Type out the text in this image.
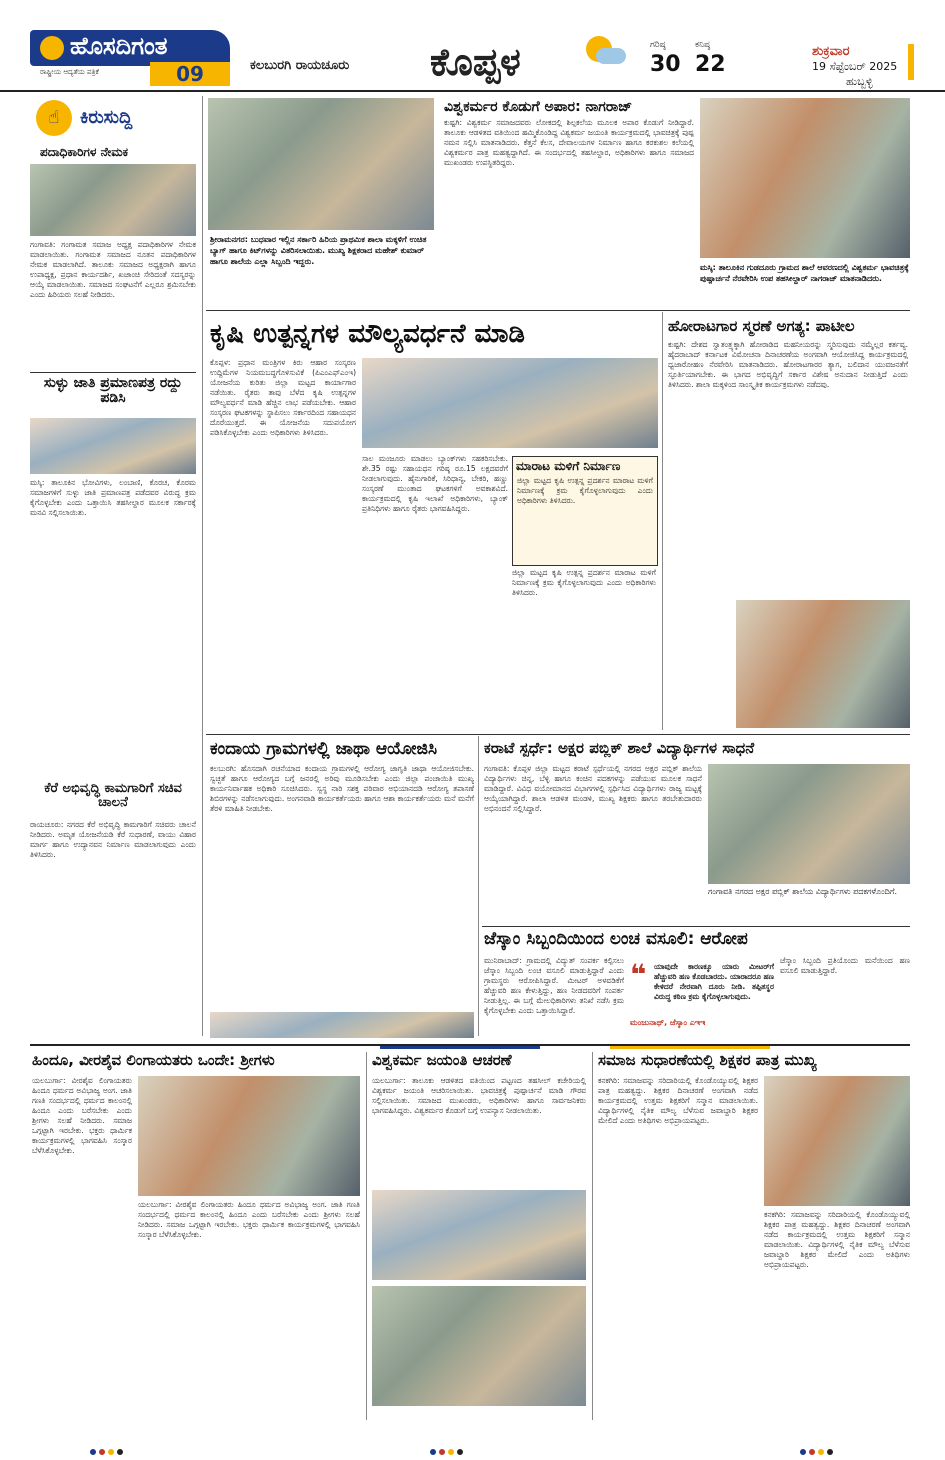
ಹೊಸದಿಗಂತ
ರಾಷ್ಟ್ರೀಯ ಆದ್ಯತೆಯ ಪತ್ರಿಕೆ	09	ಕಲಬುರಗಿ ರಾಯಚೂರು ಕೊಪ್ಪಳ	ಗರಿಷ್ಠ
30
ಕನಿಷ್ಠ
22
ಶುಕ್ರವಾರ
19 ಸೆಪ್ಟೆಂಬರ್ 2025
ಹುಬ್ಬಳ್ಳಿ
☝	ಕಿರುಸುದ್ದಿ
ಪದಾಧಿಕಾರಿಗಳ ನೇಮಕ
ಗಂಗಾವತಿ: ಗಂಗಾಮತ ಸಮಾಜ ಅಧ್ಯಕ್ಷ ಪದಾಧಿಕಾರಿಗಳ ನೇಮಕ ಮಾಡಲಾಯಿತು. ಗಂಗಾಮತ ಸಮಾಜದ ನೂತನ ಪದಾಧಿಕಾರಿಗಳ ನೇಮಕ ಮಾಡಲಾಗಿದೆ. ತಾಲೂಕು ಸಮಾಜದ ಅಧ್ಯಕ್ಷರಾಗಿ ಹಾಗೂ ಉಪಾಧ್ಯಕ್ಷ, ಪ್ರಧಾನ ಕಾರ್ಯದರ್ಶಿ, ಖಜಾಂಚಿ ಸೇರಿದಂತೆ ಸದಸ್ಯರನ್ನು ಆಯ್ಕೆ ಮಾಡಲಾಯಿತು. ಸಮಾಜದ ಸಂಘಟನೆಗೆ ಎಲ್ಲರೂ ಶ್ರಮಿಸಬೇಕು ಎಂದು ಹಿರಿಯರು ಸಲಹೆ ನೀಡಿದರು.
ಸುಳ್ಳು ಜಾತಿ ಪ್ರಮಾಣಪತ್ರ ರದ್ದು ಪಡಿಸಿ
ಮಸ್ಕಿ: ತಾಲೂಕಿನ ಭೋವಿಗಳು, ಲಂಬಾಣಿ, ಕೊರಚ, ಕೊರಮ ಸಮಾಜಗಳಿಗೆ ಸುಳ್ಳು ಜಾತಿ ಪ್ರಮಾಣಪತ್ರ ಪಡೆದವರ ವಿರುದ್ಧ ಕ್ರಮ ಕೈಗೊಳ್ಳಬೇಕು ಎಂದು ಒತ್ತಾಯಿಸಿ ತಹಸೀಲ್ದಾರ ಮೂಲಕ ಸರ್ಕಾರಕ್ಕೆ ಮನವಿ ಸಲ್ಲಿಸಲಾಯಿತು.
ಕೆರೆ ಅಭಿವೃದ್ಧಿ ಕಾಮಗಾರಿಗೆ ಸಚಿವ ಚಾಲನೆ
ರಾಯಚೂರು: ನಗರದ ಕೆರೆ ಅಭಿವೃದ್ಧಿ ಕಾಮಗಾರಿಗೆ ಸಚಿವರು ಚಾಲನೆ ನೀಡಿದರು. ಅಮೃತ ಯೋಜನೆಯಡಿ ಕೆರೆ ಸುಧಾರಣೆ, ವಾಯು ವಿಹಾರ ಮಾರ್ಗ ಹಾಗೂ ಉದ್ಯಾನವನ ನಿರ್ಮಾಣ ಮಾಡಲಾಗುವುದು ಎಂದು ತಿಳಿಸಿದರು.
ಶ್ರೀರಾಮನಗರ: ಬುಧವಾರ ಇಲ್ಲಿನ ಸರ್ಕಾರಿ ಹಿರಿಯ ಪ್ರಾಥಮಿಕ ಶಾಲಾ ಮಕ್ಕಳಿಗೆ ಉಚಿತ ಬ್ಯಾಗ್ ಹಾಗೂ ಕಿಟ್‌ಗಳನ್ನು ವಿತರಿಸಲಾಯಿತು. ಮುಖ್ಯ ಶಿಕ್ಷಕರಾದ ಮಹೇಶ್ ಕುಮಾರ್ ಹಾಗೂ ಶಾಲೆಯ ಎಲ್ಲಾ ಸಿಬ್ಬಂದಿ ಇದ್ದರು.
ವಿಶ್ವಕರ್ಮರ ಕೊಡುಗೆ ಅಪಾರ: ನಾಗರಾಜ್
ಕುಷ್ಟಗಿ: ವಿಶ್ವಕರ್ಮ ಸಮಾಜದವರು ಲೋಕದಲ್ಲಿ ಶಿಲ್ಪಕಲೆಯ ಮೂಲಕ ಅಪಾರ ಕೊಡುಗೆ ನೀಡಿದ್ದಾರೆ. ತಾಲೂಕು ಆಡಳಿತದ ವತಿಯಿಂದ ಹಮ್ಮಿಕೊಂಡಿದ್ದ ವಿಶ್ವಕರ್ಮ ಜಯಂತಿ ಕಾರ್ಯಕ್ರಮದಲ್ಲಿ ಭಾವಚಿತ್ರಕ್ಕೆ ಪುಷ್ಪ ನಮನ ಸಲ್ಲಿಸಿ ಮಾತನಾಡಿದರು. ಕೆತ್ತನೆ ಕೆಲಸ, ದೇವಾಲಯಗಳ ನಿರ್ಮಾಣ ಹಾಗೂ ಕರಕುಶಲ ಕಲೆಯಲ್ಲಿ ವಿಶ್ವಕರ್ಮರ ಪಾತ್ರ ಮಹತ್ವದ್ದಾಗಿದೆ. ಈ ಸಂದರ್ಭದಲ್ಲಿ ತಹಸೀಲ್ದಾರ, ಅಧಿಕಾರಿಗಳು ಹಾಗೂ ಸಮಾಜದ ಮುಖಂಡರು ಉಪಸ್ಥಿತರಿದ್ದರು.
ಮಸ್ಕಿ: ತಾಲೂಕಿನ ಗುಡದೂರು ಗ್ರಾಮದ ಶಾಲೆ ಆವರಣದಲ್ಲಿ ವಿಶ್ವಕರ್ಮ ಭಾವಚಿತ್ರಕ್ಕೆ ಪುಷ್ಪಾರ್ಚನೆ ನೆರವೇರಿಸಿ ಉಪ ತಹಸೀಲ್ದಾರ್ ನಾಗರಾಜ್ ಮಾತನಾಡಿದರು.
ಕೃಷಿ ಉತ್ಪನ್ನಗಳ ಮೌಲ್ಯವರ್ಧನೆ ಮಾಡಿ
ಕೊಪ್ಪಳ: ಪ್ರಧಾನ ಮಂತ್ರಿಗಳ ಕಿರು ಆಹಾರ ಸಂಸ್ಕರಣ ಉದ್ದಿಮೆಗಳ ನಿಯಮಬದ್ಧಗೊಳಿಸುವಿಕೆ (ಪಿಎಂಎಫ್‌ಎಂಇ) ಯೋಜನೆಯ ಕುರಿತು ಜಿಲ್ಲಾ ಮಟ್ಟದ ಕಾರ್ಯಾಗಾರ ನಡೆಯಿತು. ರೈತರು ತಾವು ಬೆಳೆದ ಕೃಷಿ ಉತ್ಪನ್ನಗಳ ಮೌಲ್ಯವರ್ಧನೆ ಮಾಡಿ ಹೆಚ್ಚಿನ ಲಾಭ ಪಡೆಯಬೇಕು. ಆಹಾರ ಸಂಸ್ಕರಣ ಘಟಕಗಳನ್ನು ಸ್ಥಾಪಿಸಲು ಸರ್ಕಾರದಿಂದ ಸಹಾಯಧನ ದೊರೆಯುತ್ತದೆ. ಈ ಯೋಜನೆಯ ಸದುಪಯೋಗ ಪಡಿಸಿಕೊಳ್ಳಬೇಕು ಎಂದು ಅಧಿಕಾರಿಗಳು ತಿಳಿಸಿದರು.
ಸಾಲ ಮಂಜೂರು ಮಾಡಲು ಬ್ಯಾಂಕ್‌ಗಳು ಸಹಕರಿಸಬೇಕು. ಶೇ.35 ರಷ್ಟು ಸಹಾಯಧನ ಗರಿಷ್ಠ ರೂ.15 ಲಕ್ಷದವರೆಗೆ ನೀಡಲಾಗುವುದು. ಹೈನುಗಾರಿಕೆ, ಸಿರಿಧಾನ್ಯ, ಬೇಕರಿ, ಹಣ್ಣು ಸಂಸ್ಕರಣೆ ಮುಂತಾದ ಘಟಕಗಳಿಗೆ ಅವಕಾಶವಿದೆ. ಕಾರ್ಯಕ್ರಮದಲ್ಲಿ ಕೃಷಿ ಇಲಾಖೆ ಅಧಿಕಾರಿಗಳು, ಬ್ಯಾಂಕ್ ಪ್ರತಿನಿಧಿಗಳು ಹಾಗೂ ರೈತರು ಭಾಗವಹಿಸಿದ್ದರು.
ಮಾರಾಟ ಮಳಿಗೆ ನಿರ್ಮಾಣ
ಜಿಲ್ಲಾ ಮಟ್ಟದ ಕೃಷಿ ಉತ್ಪನ್ನ ಪ್ರದರ್ಶನ ಮಾರಾಟ ಮಳಿಗೆ ನಿರ್ಮಾಣಕ್ಕೆ ಕ್ರಮ ಕೈಗೊಳ್ಳಲಾಗುವುದು ಎಂದು ಅಧಿಕಾರಿಗಳು ತಿಳಿಸಿದರು.
ಜಿಲ್ಲಾ ಮಟ್ಟದ ಕೃಷಿ ಉತ್ಪನ್ನ ಪ್ರದರ್ಶನ ಮಾರಾಟ ಮಳಿಗೆ ನಿರ್ಮಾಣಕ್ಕೆ ಕ್ರಮ ಕೈಗೊಳ್ಳಲಾಗುವುದು ಎಂದು ಅಧಿಕಾರಿಗಳು ತಿಳಿಸಿದರು.
ಹೋರಾಟಗಾರ ಸ್ಮರಣೆ ಅಗತ್ಯ: ಪಾಟೀಲ
ಕುಷ್ಟಗಿ: ದೇಶದ ಸ್ವಾತಂತ್ರ್ಯಕ್ಕಾಗಿ ಹೋರಾಡಿದ ಮಹನೀಯರನ್ನು ಸ್ಮರಿಸುವುದು ನಮ್ಮೆಲ್ಲರ ಕರ್ತವ್ಯ. ಹೈದರಾಬಾದ್ ಕರ್ನಾಟಕ ವಿಮೋಚನಾ ದಿನಾಚರಣೆಯ ಅಂಗವಾಗಿ ಆಯೋಜಿಸಿದ್ದ ಕಾರ್ಯಕ್ರಮದಲ್ಲಿ ಧ್ವಜಾರೋಹಣ ನೆರವೇರಿಸಿ ಮಾತನಾಡಿದರು. ಹೋರಾಟಗಾರರ ತ್ಯಾಗ, ಬಲಿದಾನ ಯುವಜನತೆಗೆ ಸ್ಫೂರ್ತಿಯಾಗಬೇಕು. ಈ ಭಾಗದ ಅಭಿವೃದ್ಧಿಗೆ ಸರ್ಕಾರ ವಿಶೇಷ ಅನುದಾನ ನೀಡುತ್ತಿದೆ ಎಂದು ತಿಳಿಸಿದರು. ಶಾಲಾ ಮಕ್ಕಳಿಂದ ಸಾಂಸ್ಕೃತಿಕ ಕಾರ್ಯಕ್ರಮಗಳು ನಡೆದವು.
ಕಂದಾಯ ಗ್ರಾಮಗಳಲ್ಲಿ ಜಾಥಾ ಆಯೋಜಿಸಿ
ಕಲಬುರಗಿ: ಹೊಸದಾಗಿ ರಚನೆಯಾದ ಕಂದಾಯ ಗ್ರಾಮಗಳಲ್ಲಿ ಆರೋಗ್ಯ ಜಾಗೃತಿ ಜಾಥಾ ಆಯೋಜಿಸಬೇಕು. ಸ್ವಚ್ಛತೆ ಹಾಗೂ ಆರೋಗ್ಯದ ಬಗ್ಗೆ ಜನರಲ್ಲಿ ಅರಿವು ಮೂಡಿಸಬೇಕು ಎಂದು ಜಿಲ್ಲಾ ಪಂಚಾಯಿತಿ ಮುಖ್ಯ ಕಾರ್ಯನಿರ್ವಾಹಕ ಅಧಿಕಾರಿ ಸೂಚಿಸಿದರು. ಸ್ವಸ್ಥ ನಾರಿ ಸಶಕ್ತ ಪರಿವಾರ ಅಭಿಯಾನದಡಿ ಆರೋಗ್ಯ ತಪಾಸಣೆ ಶಿಬಿರಗಳನ್ನು ನಡೆಸಲಾಗುವುದು. ಅಂಗನವಾಡಿ ಕಾರ್ಯಕರ್ತೆಯರು ಹಾಗೂ ಆಶಾ ಕಾರ್ಯಕರ್ತೆಯರು ಮನೆ ಮನೆಗೆ ತೆರಳಿ ಮಾಹಿತಿ ನೀಡಬೇಕು.
ಕರಾಟೆ ಸ್ಪರ್ಧೆ: ಅಕ್ಷರ ಪಬ್ಲಿಕ್ ಶಾಲೆ ವಿದ್ಯಾರ್ಥಿಗಳ ಸಾಧನೆ
ಗಂಗಾವತಿ: ಕೊಪ್ಪಳ ಜಿಲ್ಲಾ ಮಟ್ಟದ ಕರಾಟೆ ಸ್ಪರ್ಧೆಯಲ್ಲಿ ನಗರದ ಅಕ್ಷರ ಪಬ್ಲಿಕ್ ಶಾಲೆಯ ವಿದ್ಯಾರ್ಥಿಗಳು ಚಿನ್ನ, ಬೆಳ್ಳಿ ಹಾಗೂ ಕಂಚಿನ ಪದಕಗಳನ್ನು ಪಡೆಯುವ ಮೂಲಕ ಸಾಧನೆ ಮಾಡಿದ್ದಾರೆ. ವಿವಿಧ ವಯೋಮಾನದ ವಿಭಾಗಗಳಲ್ಲಿ ಸ್ಪರ್ಧಿಸಿದ ವಿದ್ಯಾರ್ಥಿಗಳು ರಾಜ್ಯ ಮಟ್ಟಕ್ಕೆ ಆಯ್ಕೆಯಾಗಿದ್ದಾರೆ. ಶಾಲಾ ಆಡಳಿತ ಮಂಡಳಿ, ಮುಖ್ಯ ಶಿಕ್ಷಕರು ಹಾಗೂ ತರಬೇತುದಾರರು ಅಭಿನಂದನೆ ಸಲ್ಲಿಸಿದ್ದಾರೆ.
ಗಂಗಾವತಿ ನಗರದ ಅಕ್ಷರ ಪಬ್ಲಿಕ್ ಶಾಲೆಯ ವಿದ್ಯಾರ್ಥಿಗಳು ಪದಕಗಳೊಂದಿಗೆ.
ಜೆಸ್ಕಾಂ ಸಿಬ್ಬಂದಿಯಿಂದ ಲಂಚ ವಸೂಲಿ: ಆರೋಪ
ಮುನಿರಾಬಾದ್: ಗ್ರಾಮದಲ್ಲಿ ವಿದ್ಯುತ್ ಸಂಪರ್ಕ ಕಲ್ಪಿಸಲು ಜೆಸ್ಕಾಂ ಸಿಬ್ಬಂದಿ ಲಂಚ ವಸೂಲಿ ಮಾಡುತ್ತಿದ್ದಾರೆ ಎಂದು ಗ್ರಾಮಸ್ಥರು ಆರೋಪಿಸಿದ್ದಾರೆ. ಮೀಟರ್ ಅಳವಡಿಕೆಗೆ ಹೆಚ್ಚುವರಿ ಹಣ ಕೇಳುತ್ತಿದ್ದು, ಹಣ ನೀಡದವರಿಗೆ ಸಂಪರ್ಕ ನೀಡುತ್ತಿಲ್ಲ. ಈ ಬಗ್ಗೆ ಮೇಲಧಿಕಾರಿಗಳು ತನಿಖೆ ನಡೆಸಿ ಕ್ರಮ ಕೈಗೊಳ್ಳಬೇಕು ಎಂದು ಒತ್ತಾಯಿಸಿದ್ದಾರೆ.
❝ ಯಾವುದೇ ಕಾರಣಕ್ಕೂ ಯಾರು ಮೀಟರ್‌ಗೆ ಹೆಚ್ಚುವರಿ ಹಣ ಕೊಡಬಾರದು. ಯಾರಾದರೂ ಹಣ ಕೇಳಿದರೆ ನೇರವಾಗಿ ದೂರು ನೀಡಿ. ತಪ್ಪಿತಸ್ಥರ ವಿರುದ್ಧ ಕಠಿಣ ಕ್ರಮ ಕೈಗೊಳ್ಳಲಾಗುವುದು.
ಮಂಜುನಾಥ್, ಜೆಸ್ಕಾಂ ಎಇಇ
ಜೆಸ್ಕಾಂ ಸಿಬ್ಬಂದಿ ಪ್ರತಿಯೊಂದು ಮನೆಯಿಂದ ಹಣ ವಸೂಲಿ ಮಾಡುತ್ತಿದ್ದಾರೆ.
ಹಿಂದೂ, ವೀರಶೈವ ಲಿಂಗಾಯತರು ಒಂದೇ: ಶ್ರೀಗಳು
ಯಲಬುರ್ಗಾ: ವೀರಶೈವ ಲಿಂಗಾಯತರು ಹಿಂದೂ ಧರ್ಮದ ಅವಿಭಾಜ್ಯ ಅಂಗ. ಜಾತಿ ಗಣತಿ ಸಂದರ್ಭದಲ್ಲಿ ಧರ್ಮದ ಕಾಲಂನಲ್ಲಿ ಹಿಂದೂ ಎಂದು ಬರೆಸಬೇಕು ಎಂದು ಶ್ರೀಗಳು ಸಲಹೆ ನೀಡಿದರು. ಸಮಾಜ ಒಗ್ಗಟ್ಟಾಗಿ ಇರಬೇಕು. ಭಕ್ತರು ಧಾರ್ಮಿಕ ಕಾರ್ಯಕ್ರಮಗಳಲ್ಲಿ ಭಾಗವಹಿಸಿ ಸಂಸ್ಕಾರ ಬೆಳೆಸಿಕೊಳ್ಳಬೇಕು.
ಯಲಬುರ್ಗಾ: ವೀರಶೈವ ಲಿಂಗಾಯತರು ಹಿಂದೂ ಧರ್ಮದ ಅವಿಭಾಜ್ಯ ಅಂಗ. ಜಾತಿ ಗಣತಿ ಸಂದರ್ಭದಲ್ಲಿ ಧರ್ಮದ ಕಾಲಂನಲ್ಲಿ ಹಿಂದೂ ಎಂದು ಬರೆಸಬೇಕು ಎಂದು ಶ್ರೀಗಳು ಸಲಹೆ ನೀಡಿದರು. ಸಮಾಜ ಒಗ್ಗಟ್ಟಾಗಿ ಇರಬೇಕು. ಭಕ್ತರು ಧಾರ್ಮಿಕ ಕಾರ್ಯಕ್ರಮಗಳಲ್ಲಿ ಭಾಗವಹಿಸಿ ಸಂಸ್ಕಾರ ಬೆಳೆಸಿಕೊಳ್ಳಬೇಕು.
ವಿಶ್ವಕರ್ಮ ಜಯಂತಿ ಆಚರಣೆ
ಯಲಬುರ್ಗಾ: ತಾಲೂಕು ಆಡಳಿತದ ವತಿಯಿಂದ ಪಟ್ಟಣದ ತಹಸೀಲ್ ಕಚೇರಿಯಲ್ಲಿ ವಿಶ್ವಕರ್ಮ ಜಯಂತಿ ಆಚರಿಸಲಾಯಿತು. ಭಾವಚಿತ್ರಕ್ಕೆ ಪುಷ್ಪಾರ್ಚನೆ ಮಾಡಿ ಗೌರವ ಸಲ್ಲಿಸಲಾಯಿತು. ಸಮಾಜದ ಮುಖಂಡರು, ಅಧಿಕಾರಿಗಳು ಹಾಗೂ ಸಾರ್ವಜನಿಕರು ಭಾಗವಹಿಸಿದ್ದರು. ವಿಶ್ವಕರ್ಮರ ಕೊಡುಗೆ ಬಗ್ಗೆ ಉಪನ್ಯಾಸ ನೀಡಲಾಯಿತು.
ಸಮಾಜ ಸುಧಾರಣೆಯಲ್ಲಿ ಶಿಕ್ಷಕರ ಪಾತ್ರ ಮುಖ್ಯ
ಕನಕಗಿರಿ: ಸಮಾಜವನ್ನು ಸರಿದಾರಿಯಲ್ಲಿ ಕೊಂಡೊಯ್ಯುವಲ್ಲಿ ಶಿಕ್ಷಕರ ಪಾತ್ರ ಮಹತ್ವದ್ದು. ಶಿಕ್ಷಕರ ದಿನಾಚರಣೆ ಅಂಗವಾಗಿ ನಡೆದ ಕಾರ್ಯಕ್ರಮದಲ್ಲಿ ಉತ್ತಮ ಶಿಕ್ಷಕರಿಗೆ ಸನ್ಮಾನ ಮಾಡಲಾಯಿತು. ವಿದ್ಯಾರ್ಥಿಗಳಲ್ಲಿ ನೈತಿಕ ಮೌಲ್ಯ ಬೆಳೆಸುವ ಜವಾಬ್ದಾರಿ ಶಿಕ್ಷಕರ ಮೇಲಿದೆ ಎಂದು ಅತಿಥಿಗಳು ಅಭಿಪ್ರಾಯಪಟ್ಟರು.
ಕನಕಗಿರಿ: ಸಮಾಜವನ್ನು ಸರಿದಾರಿಯಲ್ಲಿ ಕೊಂಡೊಯ್ಯುವಲ್ಲಿ ಶಿಕ್ಷಕರ ಪಾತ್ರ ಮಹತ್ವದ್ದು. ಶಿಕ್ಷಕರ ದಿನಾಚರಣೆ ಅಂಗವಾಗಿ ನಡೆದ ಕಾರ್ಯಕ್ರಮದಲ್ಲಿ ಉತ್ತಮ ಶಿಕ್ಷಕರಿಗೆ ಸನ್ಮಾನ ಮಾಡಲಾಯಿತು. ವಿದ್ಯಾರ್ಥಿಗಳಲ್ಲಿ ನೈತಿಕ ಮೌಲ್ಯ ಬೆಳೆಸುವ ಜವಾಬ್ದಾರಿ ಶಿಕ್ಷಕರ ಮೇಲಿದೆ ಎಂದು ಅತಿಥಿಗಳು ಅಭಿಪ್ರಾಯಪಟ್ಟರು.
